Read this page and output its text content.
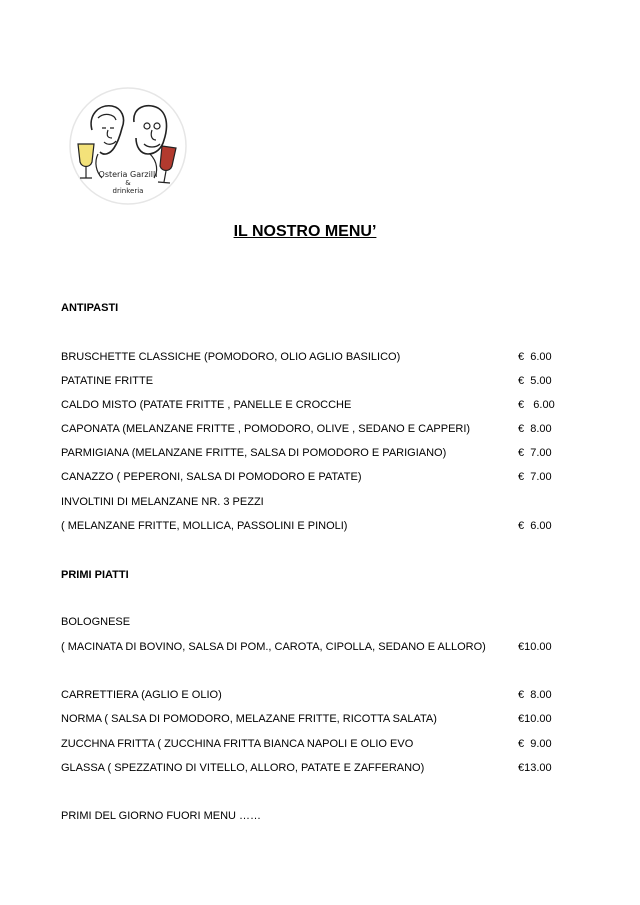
Osteria Garzilli
&
drinkeria
IL NOSTRO MENU’
ANTIPASTI
BRUSCHETTE CLASSICHE (POMODORO, OLIO AGLIO BASILICO)	€  6.00
PATATINE FRITTE	€  5.00
CALDO MISTO (PATATE FRITTE , PANELLE E CROCCHE	€   6.00
CAPONATA (MELANZANE FRITTE , POMODORO, OLIVE , SEDANO E CAPPERI)	€  8.00
PARMIGIANA (MELANZANE FRITTE, SALSA DI POMODORO E PARIGIANO)	€  7.00
CANAZZO ( PEPERONI, SALSA DI POMODORO E PATATE)	€  7.00
INVOLTINI DI MELANZANE NR. 3 PEZZI
( MELANZANE FRITTE, MOLLICA, PASSOLINI E PINOLI)	€  6.00
PRIMI PIATTI
BOLOGNESE
( MACINATA DI BOVINO, SALSA DI POM., CAROTA, CIPOLLA, SEDANO E ALLORO)	€10.00
CARRETTIERA (AGLIO E OLIO)	€  8.00
NORMA ( SALSA DI POMODORO, MELAZANE FRITTE, RICOTTA SALATA)	€10.00
ZUCCHNA FRITTA ( ZUCCHINA FRITTA BIANCA NAPOLI E OLIO EVO	€  9.00
GLASSA ( SPEZZATINO DI VITELLO, ALLORO, PATATE E ZAFFERANO)	€13.00
PRIMI DEL GIORNO FUORI MENU ……
